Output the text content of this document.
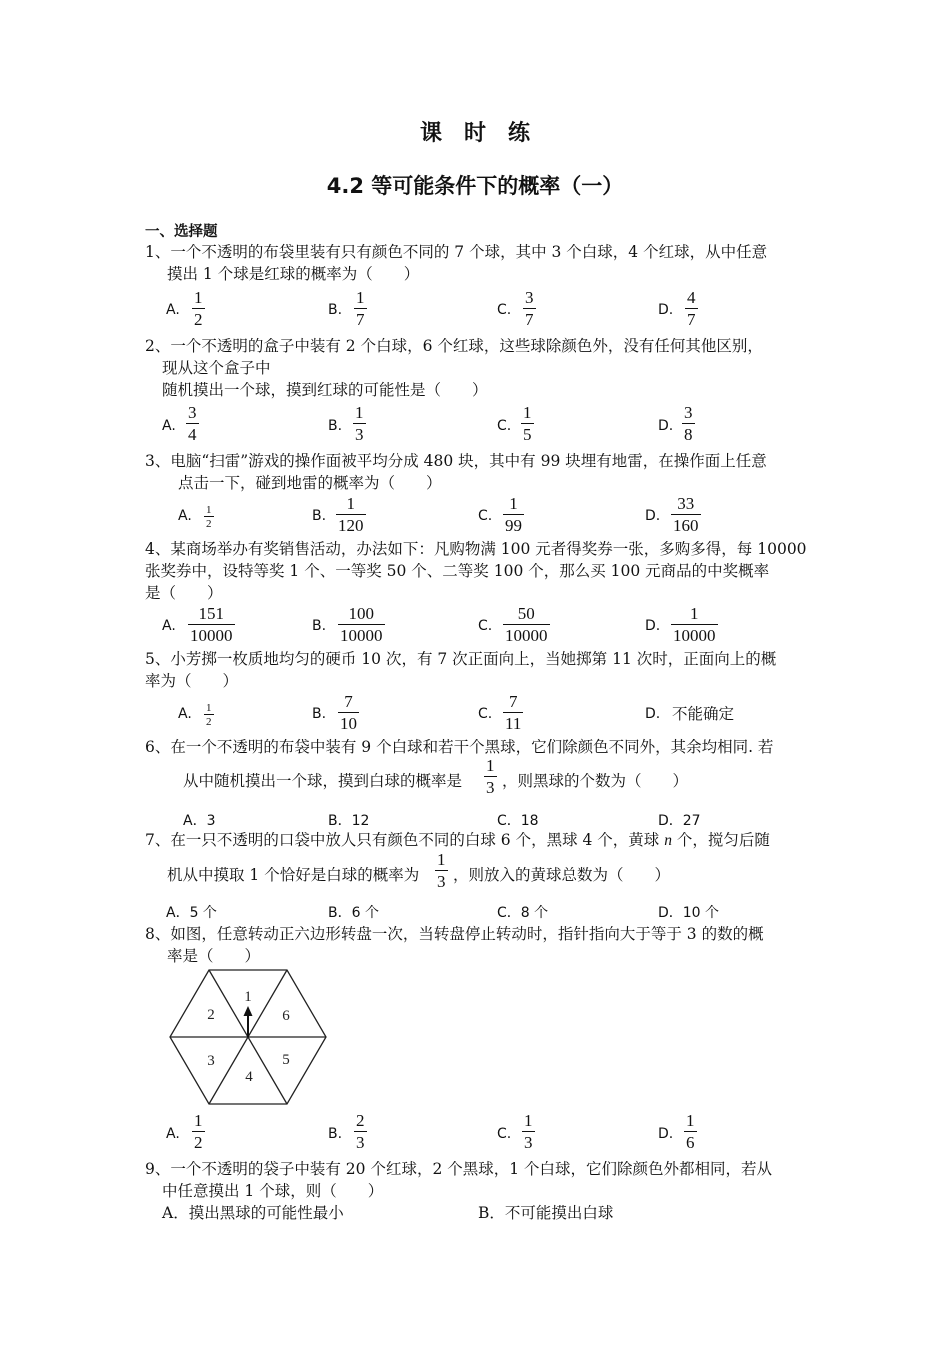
课　时　练
4.2 等可能条件下的概率（一）
一、选择题
1、一个不透明的布袋里装有只有颜色不同的 7 个球，其中 3 个白球，4 个红球，从中任意
摸出 1 个球是红球的概率为（　　）
A.
1
2	B.
1
7	C.
3
7	D.
4
7
2、一个不透明的盒子中装有 2 个白球，6 个红球，这些球除颜色外，没有任何其他区别，
现从这个盒子中
随机摸出一个球，摸到红球的可能性是（　　）
A.
3
4	B.
1
3	C.
1
5	D.
3
8
3、电脑“扫雷”游戏的操作面被平均分成 480 块，其中有 99 块埋有地雷，在操作面上任意
点击一下，碰到地雷的概率为（　　）
A. 1
2	B.
1
120	C.
1
99	D.
33
160
4、某商场举办有奖销售活动，办法如下：凡购物满 100 元者得奖券一张，多购多得，每 10000
张奖券中，设特等奖 1 个、一等奖 50 个、二等奖 100 个，那么买 100 元商品的中奖概率
是（　　）
A.
151
10000	B.
100
10000	C.
50
10000	D.
1
10000
5、小芳掷一枚质地均匀的硬币 10 次，有 7 次正面向上，当她掷第 11 次时，正面向上的概
率为（　　）
A. 1
2	B.
7
10	C.
7
11	D. 不能确定
6、在一个不透明的布袋中装有 9 个白球和若干个黑球，它们除颜色不同外，其余均相同. 若
从中随机摸出一个球，摸到白球的概率是
1
3 ，则黑球的个数为（　　）
A．3	B．12	C．18	D．27
7、在一只不透明的口袋中放人只有颜色不同的白球 6 个，黑球 4 个，黄球 n 个，搅匀后随
机从中摸取 1 个恰好是白球的概率为
1
3 ，则放入的黄球总数为（　　）
A．5 个	B．6 个	C．8 个	D．10 个
8、如图，任意转动正六边形转盘一次，当转盘停止转动时，指针指向大于等于 3 的数的概
率是（　　）
1
6
5
4
3
2
A.
1
2	B.
2
3	C.
1
3	D.
1
6
9、一个不透明的袋子中装有 20 个红球，2 个黑球，1 个白球，它们除颜色外都相同，若从
中任意摸出 1 个球，则（　　）
A．摸出黑球的可能性最小	B．不可能摸出白球
